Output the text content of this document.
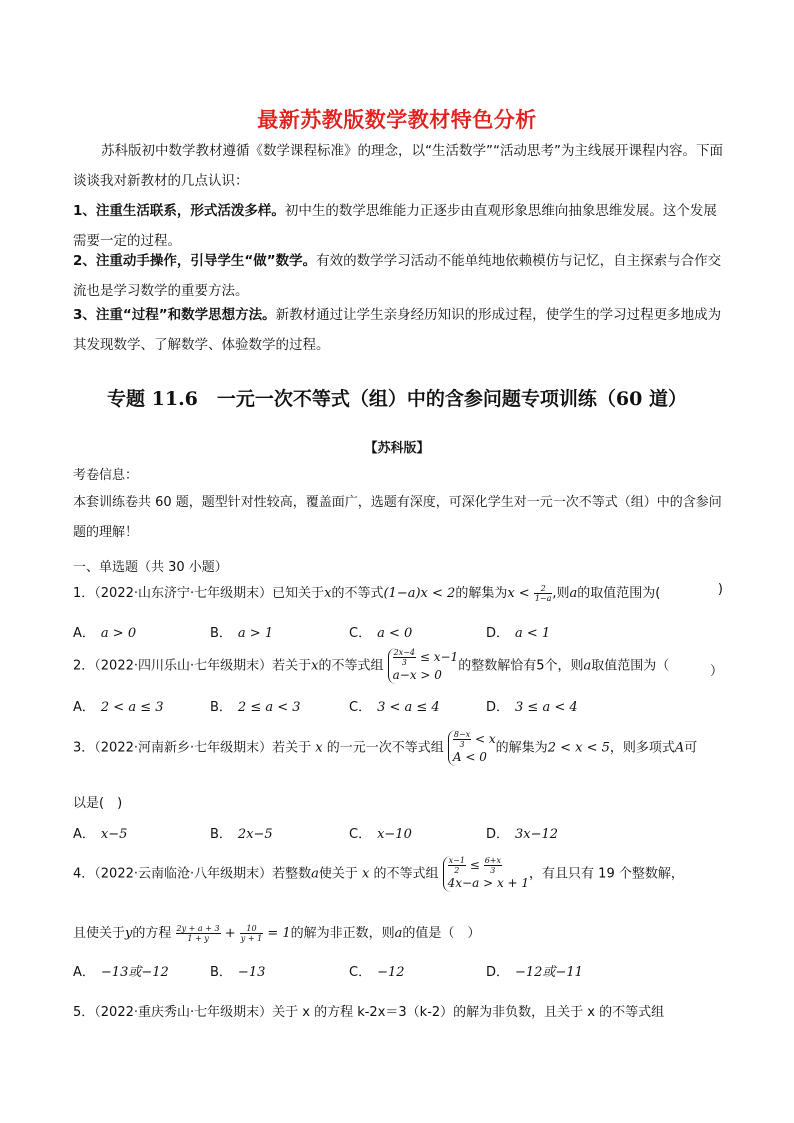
最新苏教版数学教材特色分析
苏科版初中数学教材遵循《数学课程标准》的理念，以“生活数学”“活动思考”为主线展开课程内容。下面谈谈我对新教材的几点认识：
1、注重生活联系，形式活泼多样。初中生的数学思维能力正逐步由直观形象思维向抽象思维发展。这个发展需要一定的过程。
2、注重动手操作，引导学生“做”数学。有效的数学学习活动不能单纯地依赖模仿与记忆，自主探索与合作交流也是学习数学的重要方法。
3、注重“过程”和数学思想方法。新教材通过让学生亲身经历知识的形成过程，使学生的学习过程更多地成为其发现数学、了解数学、体验数学的过程。
专题 11.6　一元一次不等式（组）中的含参问题专项训练（60 道）
【苏科版】
考卷信息：
本套训练卷共 60 题，题型针对性较高，覆盖面广，选题有深度，可深化学生对一元一次不等式（组）中的含参问题的理解！
一、单选题（共 30 小题）
1．（2022·山东济宁·七年级期末）已知关于x的不等式(1−a)x < 2的解集为$x < \frac{2}{1-a}$ ,则a的取值范围为(	)
A． a > 0	B． a > 1	C． a < 0	D． a < 1
2．（2022·四川乐山·七年级期末）若关于x的不等式组 $\frac{2x-4}{3} \le x-1$
a−x > 0
的整数解恰有5个，则a取值范围为（	）
A． 2 < a ≤ 3	B． 2 ≤ a < 3	C． 3 < a ≤ 4	D． 3 ≤ a < 4
3．（2022·河南新乡·七年级期末）若关于 x 的一元一次不等式组 $\frac{8-x}{3} < x$
A < 0
的解集为2 < x < 5，则多项式A可
以是(　)
A． x−5	B． 2x−5	C． x−10	D． 3x−12
4．（2022·云南临沧·八年级期末）若整数a使关于 x 的不等式组 $\frac{x-1}{2} \le \frac{6+x}{3}$
4x−a > x + 1
，有且只有 19 个整数解，
且使关于y的方程 $\frac{2y + a + 3}{1 + y} + \frac{10}{y + 1} = 1$的解为非正数，则a的值是（　）
A． −13或−12	B． −13	C． −12	D． −12或−11
5．（2022·重庆秀山·七年级期末）关于 x 的方程 k-2x＝3（k-2）的解为非负数，且关于 x 的不等式组
